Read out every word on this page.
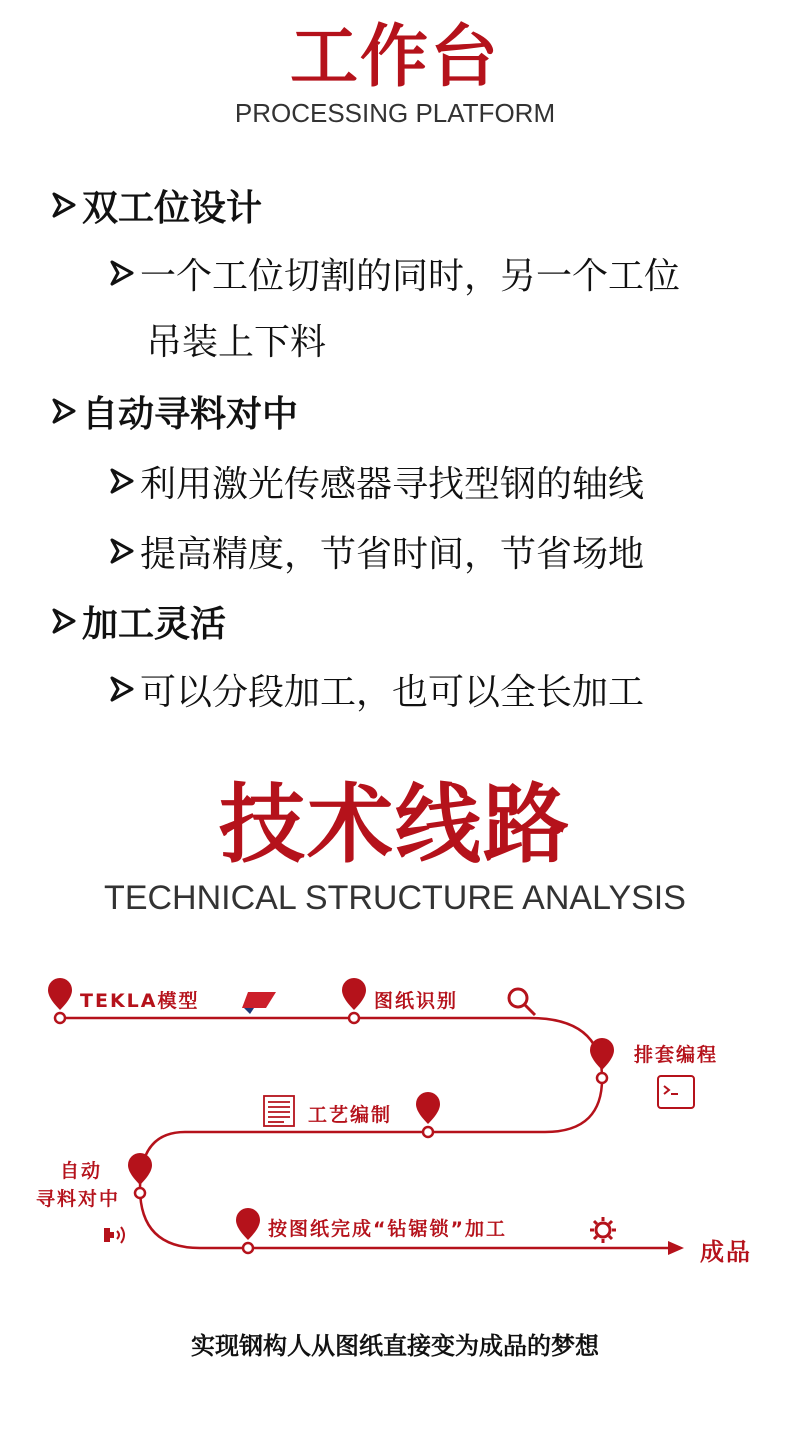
工作台
PROCESSING PLATFORM
双工位设计
一个工位切割的同时，另一个工位
吊装上下料
自动寻料对中
利用激光传感器寻找型钢的轴线
提高精度，节省时间，节省场地
加工灵活
可以分段加工，也可以全长加工
技术线路
TECHNICAL STRUCTURE ANALYSIS
TEKLA模型	图纸识别
排套编程
工艺编制
自动
寻料对中
按图纸完成“钻锯锁”加工
成品
实现钢构人从图纸直接变为成品的梦想
